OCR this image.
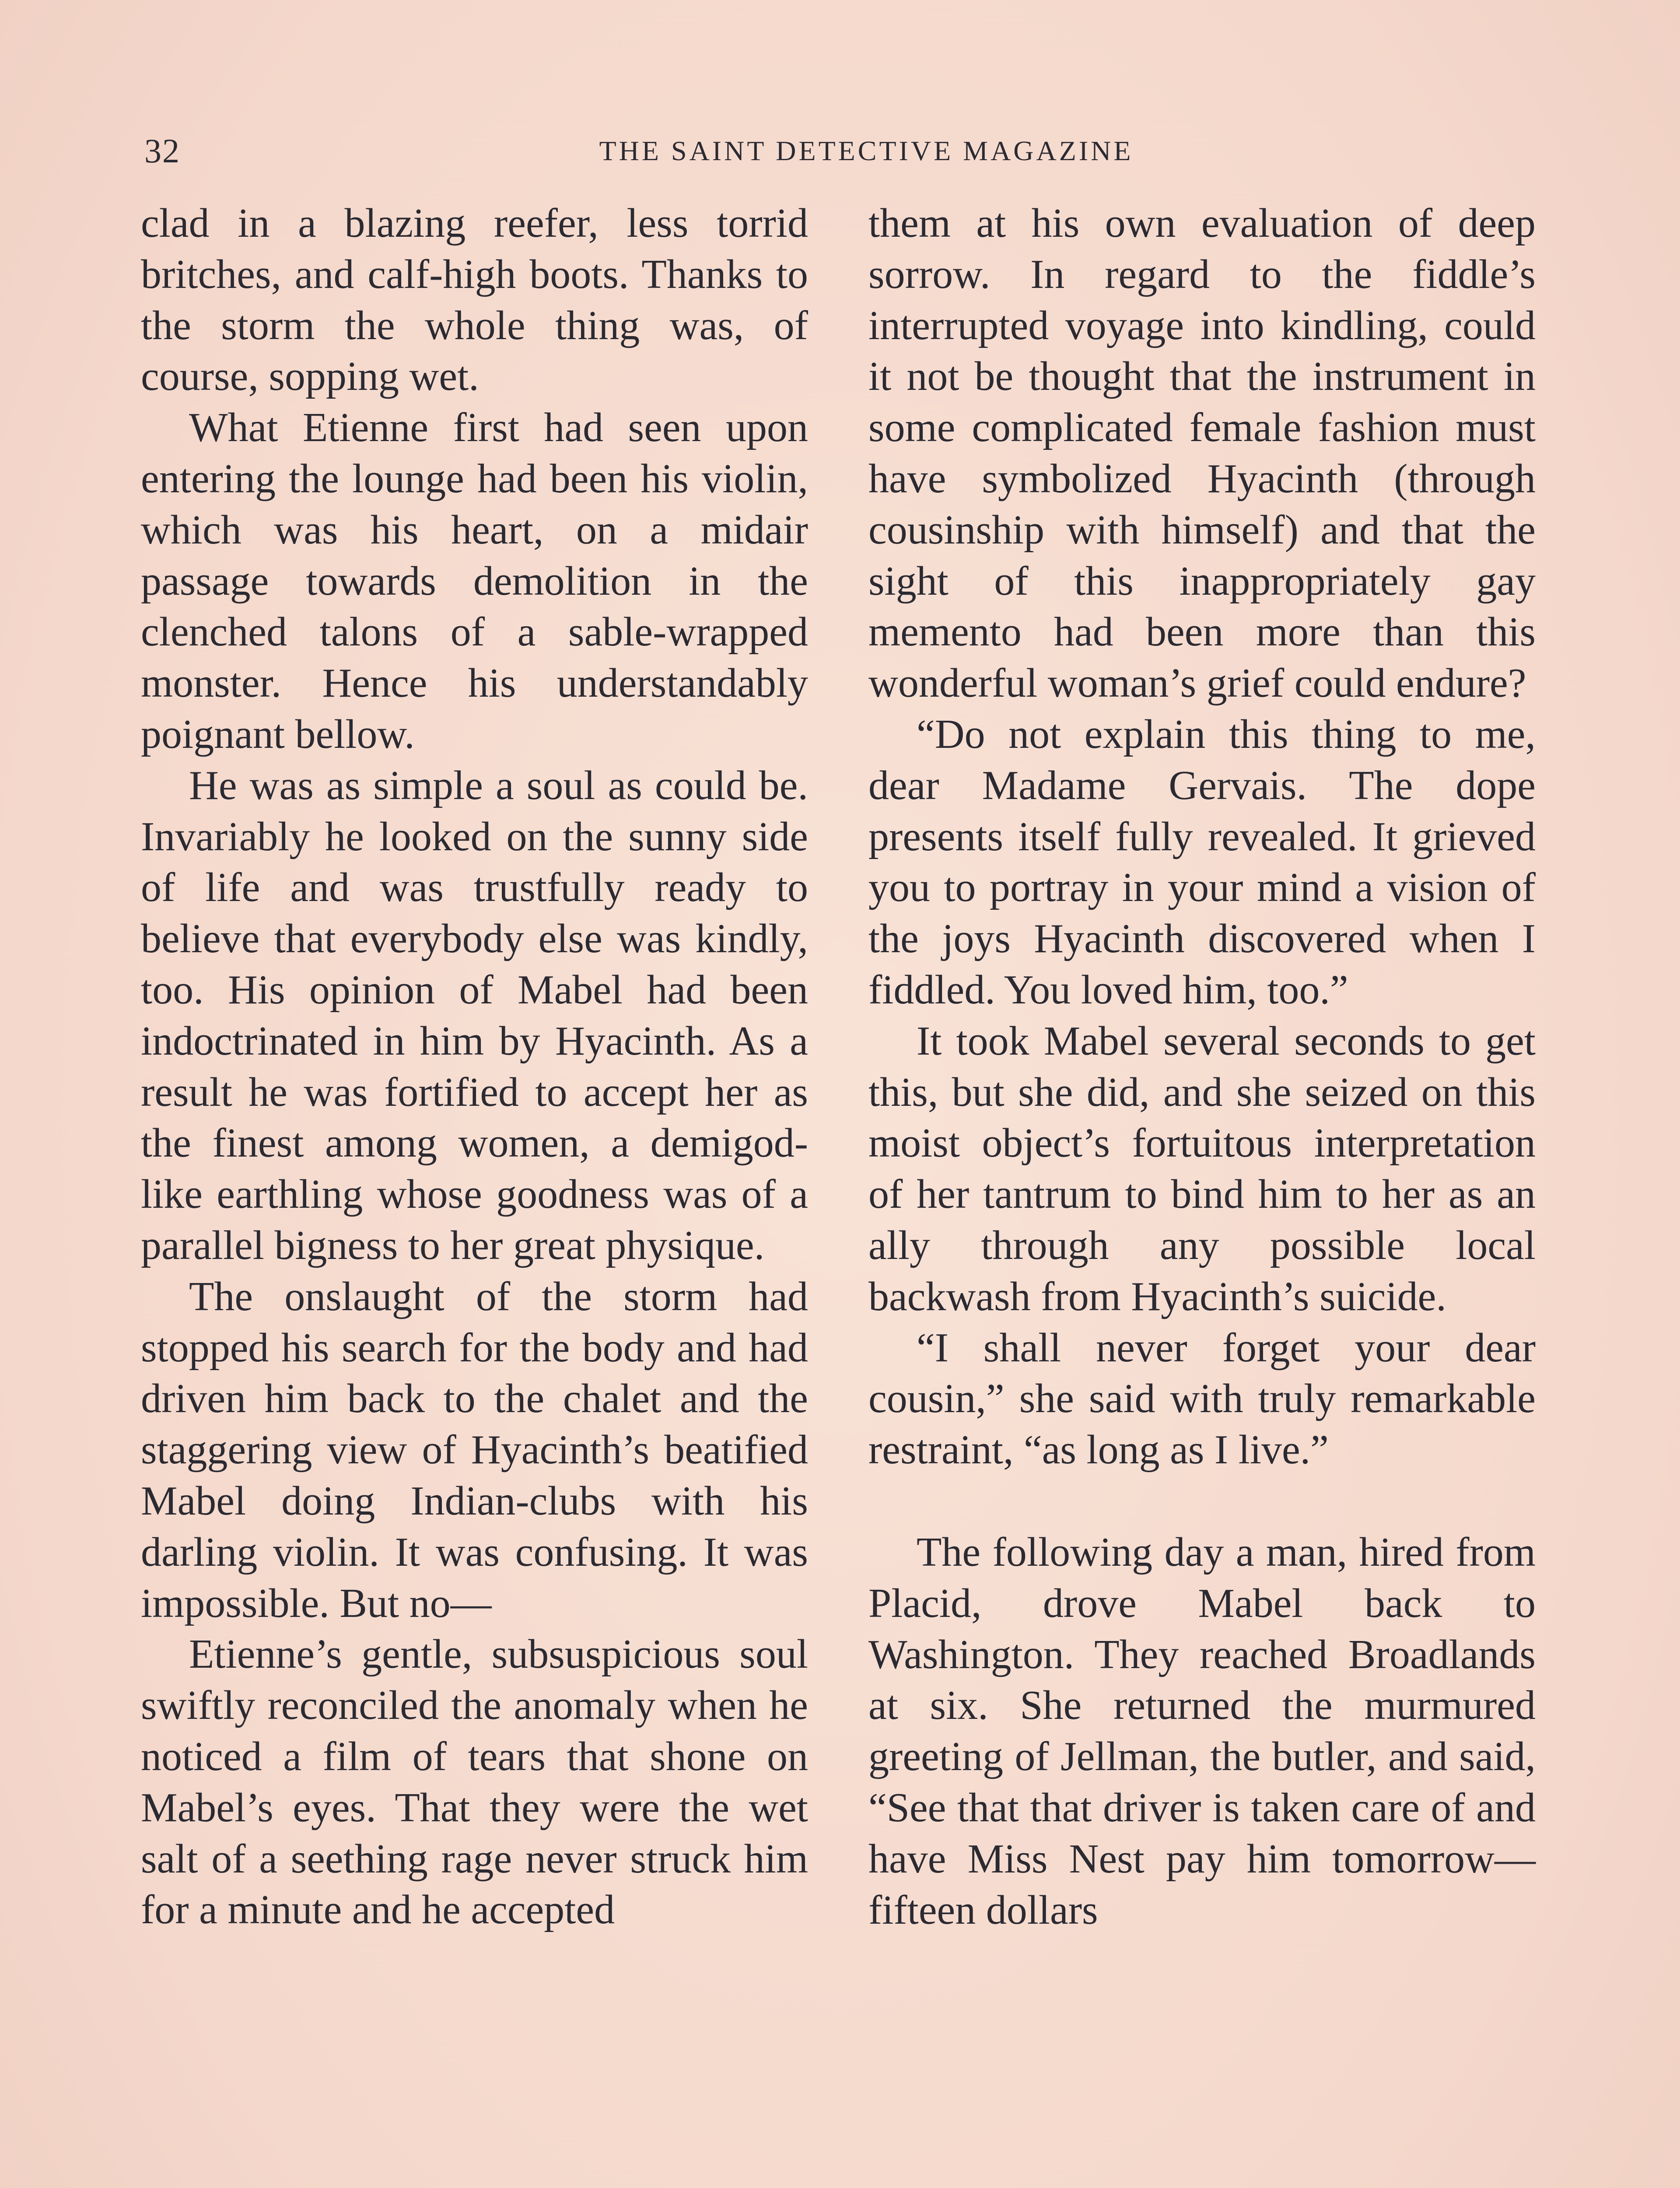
32	THE SAINT DETECTIVE MAGAZINE

clad in a blazing reefer, less torrid britches, and calf-high boots. Thanks to the storm the whole thing was, of course, sopping wet.

What Etienne first had seen upon entering the lounge had been his violin, which was his heart, on a midair passage towards demolition in the clenched talons of a sable-wrapped monster. Hence his understandably poignant bellow.

He was as simple a soul as could be. Invariably he looked on the sunny side of life and was trustfully ready to believe that everybody else was kindly, too. His opinion of Mabel had been indoctrinated in him by Hyacinth. As a result he was fortified to accept her as the finest among women, a demigod-like earthling whose goodness was of a parallel bigness to her great physique.

The onslaught of the storm had stopped his search for the body and had driven him back to the chalet and the staggering view of Hyacinth’s beatified Mabel doing Indian-clubs with his darling violin. It was confusing. It was impossible. But no—

Etienne’s gentle, subsuspicious soul swiftly reconciled the anomaly when he noticed a film of tears that shone on Mabel’s eyes. That they were the wet salt of a seething rage never struck him for a minute and he accepted

them at his own evaluation of deep sorrow. In regard to the fiddle’s interrupted voyage into kindling, could it not be thought that the instrument in some complicated female fashion must have symbolized Hyacinth (through cousinship with himself) and that the sight of this inappropriately gay memento had been more than this wonderful woman’s grief could endure?

“Do not explain this thing to me, dear Madame Gervais. The dope presents itself fully revealed. It grieved you to portray in your mind a vision of the joys Hyacinth discovered when I fiddled. You loved him, too.”

It took Mabel several seconds to get this, but she did, and she seized on this moist object’s fortuitous interpretation of her tantrum to bind him to her as an ally through any possible local backwash from Hyacinth’s suicide.

“I shall never forget your dear cousin,” she said with truly remarkable restraint, “as long as I live.”

The following day a man, hired from Placid, drove Mabel back to Washington. They reached Broadlands at six. She returned the murmured greeting of Jellman, the butler, and said, “See that that driver is taken care of and have Miss Nest pay him tomorrow—fifteen dollars
